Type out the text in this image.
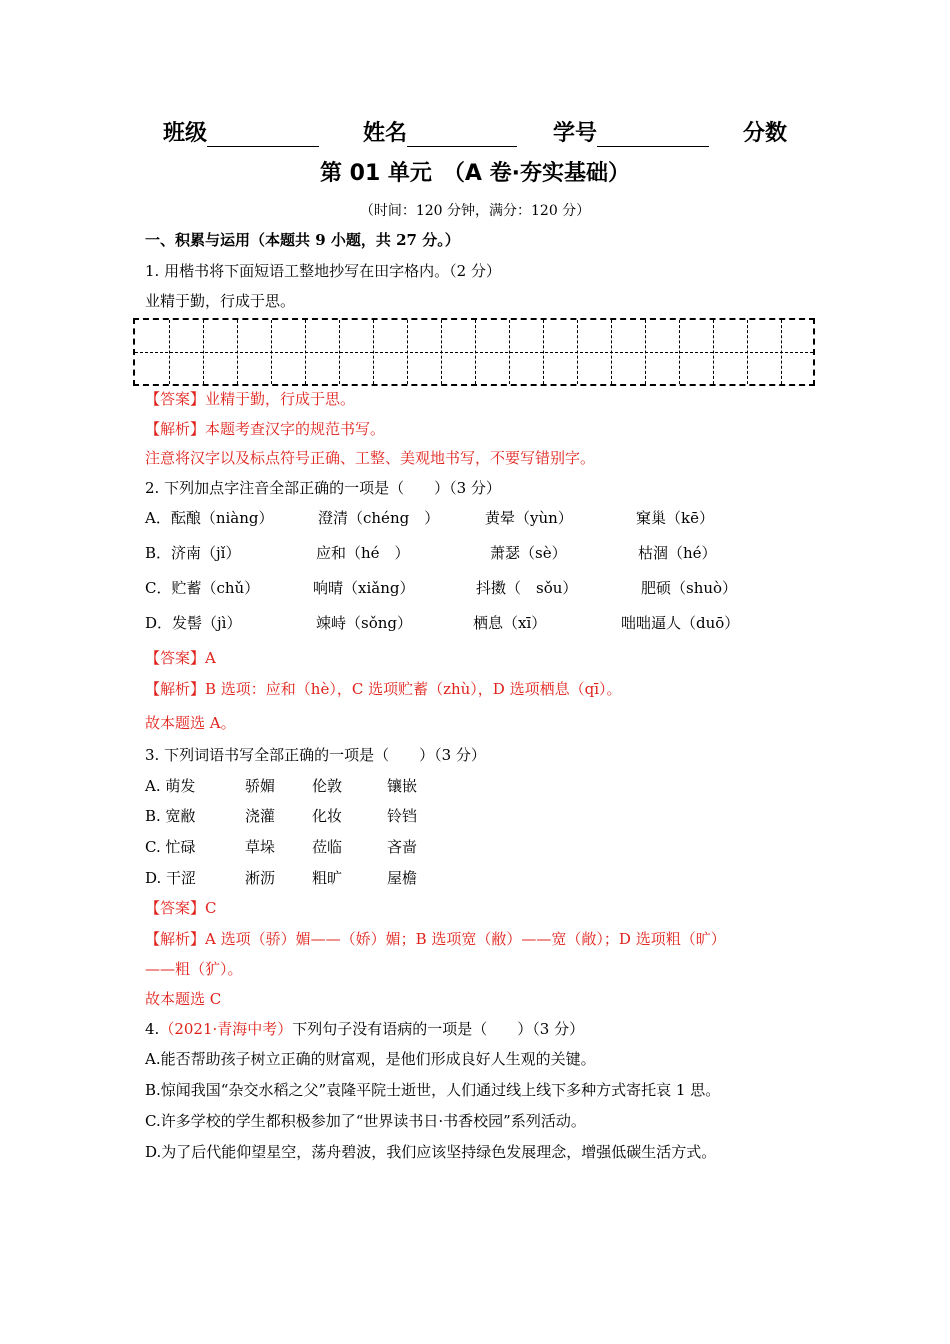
班级	姓名	学号	分数
第 01 单元　（A 卷·夯实基础）
（时间：120 分钟，满分：120 分）
一、积累与运用（本题共 9 小题，共 27 分。）
1. 用楷书将下面短语工整地抄写在田字格内。（2 分）
业精于勤，行成于思。
【答案】业精于勤，行成于思。
【解析】本题考查汉字的规范书写。
注意将汉字以及标点符号正确、工整、美观地书写，不要写错别字。
2. 下列加点字注音全部正确的一项是（　　）（3 分）
A．酝酿（niàng）	澄清（chéng　）	黄晕（yùn）	窠巢（kē）
B．济南（jǐ）	应和（hé　）	萧瑟（sè）	枯涸（hé）
C．贮蓄（chǔ）	响晴（xiǎng）	抖擞（　sǒu）	肥硕（shuò）
D．发髻（jì）	竦峙（sǒng）	栖息（xī）	咄咄逼人（duō）
【答案】A
【解析】B 选项：应和（hè），C 选项贮蓄（zhù），D 选项栖息（qī）。
故本题选 A。
3. 下列词语书写全部正确的一项是（　　）（3 分）
A. 萌发	骄媚 伦敦	镶嵌
B. 宽敝	浇灌 化妆	铃铛
C. 忙碌	草垛 莅临	吝啬
D. 干涩	淅沥 粗旷	屋檐
【答案】C
【解析】A 选项（骄）媚——（娇）媚；B 选项宽（敝）——宽（敞）；D 选项粗（旷）
——粗（犷）。
故本题选 C
4.（2021·青海中考）下列句子没有语病的一项是（　　）（3 分）
A.能否帮助孩子树立正确的财富观，是他们形成良好人生观的关键。
B.惊闻我国“杂交水稻之父”袁隆平院士逝世，人们通过线上线下多种方式寄托哀 1 思。
C.许多学校的学生都积极参加了“世界读书日·书香校园”系列活动。
D.为了后代能仰望星空，荡舟碧波，我们应该坚持绿色发展理念，增强低碳生活方式。
